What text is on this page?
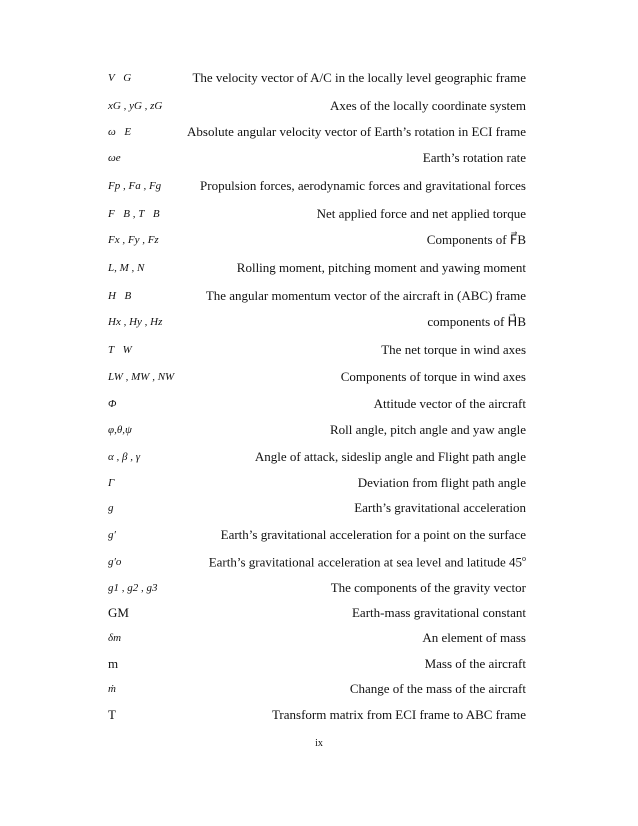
V⃗G	The velocity vector of A/C in the locally level geographic frame
xG , yG , zG	Axes of the locally coordinate system
ω⃗E	Absolute angular velocity vector of Earth’s rotation in ECI frame
ωe	Earth’s rotation rate
Fp , Fa , Fg	Propulsion forces, aerodynamic forces and gravitational forces
F⃗B , T⃗B	Net applied force and net applied torque
Fx , Fy , Fz	Components of F⃗B
L, M , N	Rolling moment, pitching moment and yawing moment
H⃗B	The angular momentum vector of the aircraft in (ABC) frame
Hx , Hy , Hz	components of H⃗B
T⃗W	The net torque in wind axes
LW , MW , NW	Components of torque in wind axes
Φ⃗	Attitude vector of the aircraft
φ,θ,ψ	Roll angle, pitch angle and yaw angle
α , β , γ	Angle of attack, sideslip angle and Flight path angle
Γ	Deviation from flight path angle
g	Earth’s gravitational acceleration
g′	Earth’s gravitational acceleration for a point on the surface
g′o	Earth’s gravitational acceleration at sea level and latitude 45$^o$
g1 , g2 , g3	The components of the gravity vector
GM	Earth-mass gravitational constant
δm	An element of mass
m	Mass of the aircraft
ṁ	Change of the mass of the aircraft
T	Transform matrix from ECI frame to ABC frame
ix
